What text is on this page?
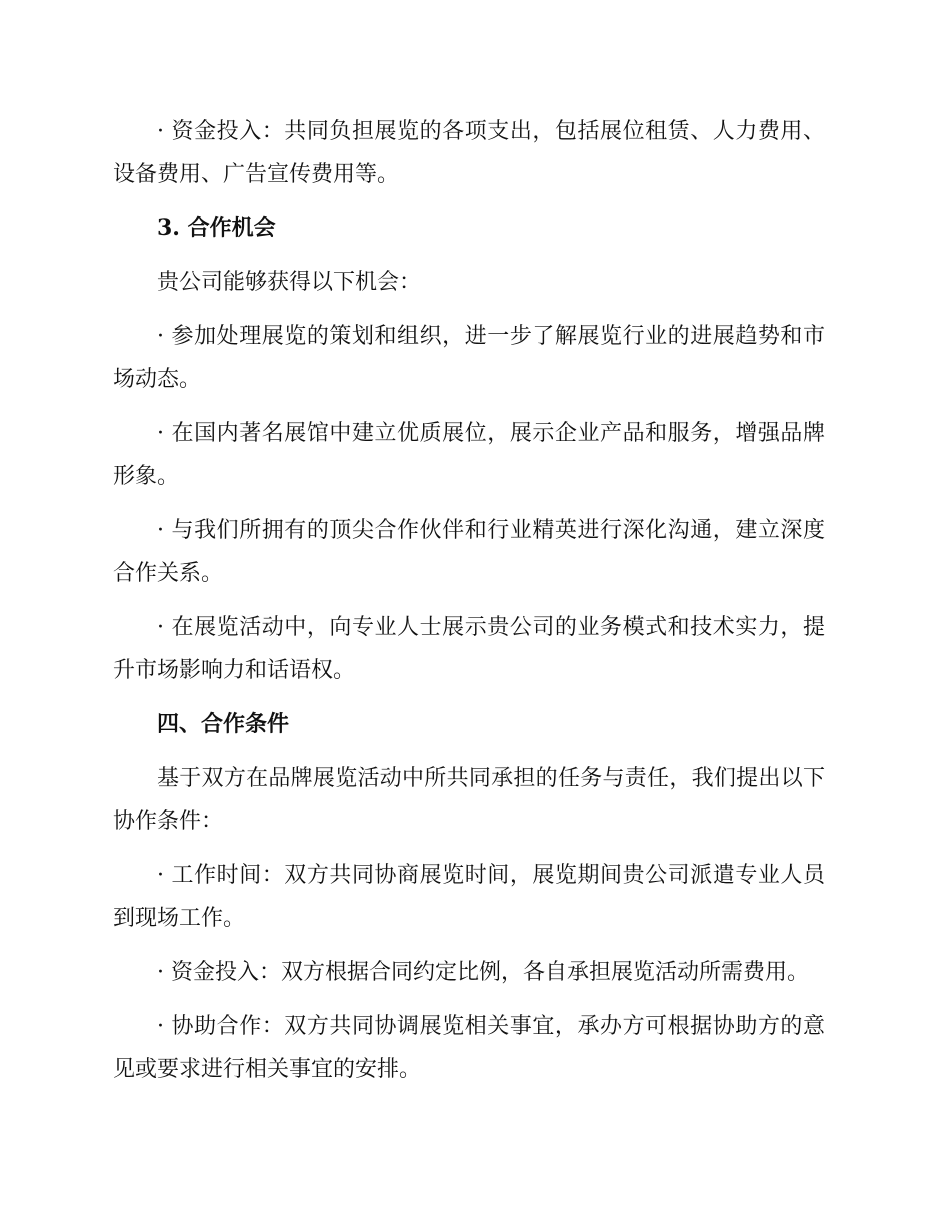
· 资金投入：共同负担展览的各项支出，包括展位租赁、人力费用、设备费用、广告宣传费用等。

3. 合作机会

贵公司能够获得以下机会：

· 参加处理展览的策划和组织，进一步了解展览行业的进展趋势和市场动态。

· 在国内著名展馆中建立优质展位，展示企业产品和服务，增强品牌形象。

· 与我们所拥有的顶尖合作伙伴和行业精英进行深化沟通，建立深度合作关系。

· 在展览活动中，向专业人士展示贵公司的业务模式和技术实力，提升市场影响力和话语权。

四、合作条件

基于双方在品牌展览活动中所共同承担的任务与责任，我们提出以下协作条件：

· 工作时间：双方共同协商展览时间，展览期间贵公司派遣专业人员到现场工作。

· 资金投入：双方根据合同约定比例，各自承担展览活动所需费用。

· 协助合作：双方共同协调展览相关事宜，承办方可根据协助方的意见或要求进行相关事宜的安排。
